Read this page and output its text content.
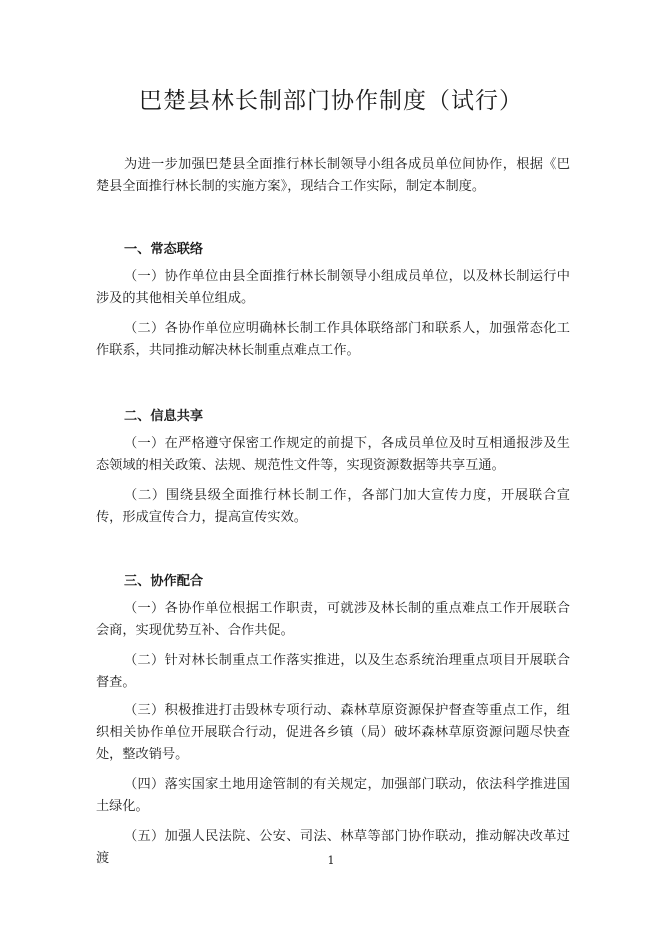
巴楚县林长制部门协作制度（试行）

为进一步加强巴楚县全面推行林长制领导小组各成员单位间协作，根据《巴楚县全面推行林长制的实施方案》，现结合工作实际，制定本制度。

一、常态联络

（一）协作单位由县全面推行林长制领导小组成员单位，以及林长制运行中涉及的其他相关单位组成。

（二）各协作单位应明确林长制工作具体联络部门和联系人，加强常态化工作联系，共同推动解决林长制重点难点工作。

二、信息共享

（一）在严格遵守保密工作规定的前提下，各成员单位及时互相通报涉及生态领域的相关政策、法规、规范性文件等，实现资源数据等共享互通。

（二）围绕县级全面推行林长制工作，各部门加大宣传力度，开展联合宣传，形成宣传合力，提高宣传实效。

三、协作配合

（一）各协作单位根据工作职责，可就涉及林长制的重点难点工作开展联合会商，实现优势互补、合作共促。

（二）针对林长制重点工作落实推进，以及生态系统治理重点项目开展联合督查。

（三）积极推进打击毁林专项行动、森林草原资源保护督查等重点工作，组织相关协作单位开展联合行动，促进各乡镇（局）破坏森林草原资源问题尽快查处，整改销号。

（四）落实国家土地用途管制的有关规定，加强部门联动，依法科学推进国土绿化。

（五）加强人民法院、公安、司法、林草等部门协作联动，推动解决改革过渡	1
